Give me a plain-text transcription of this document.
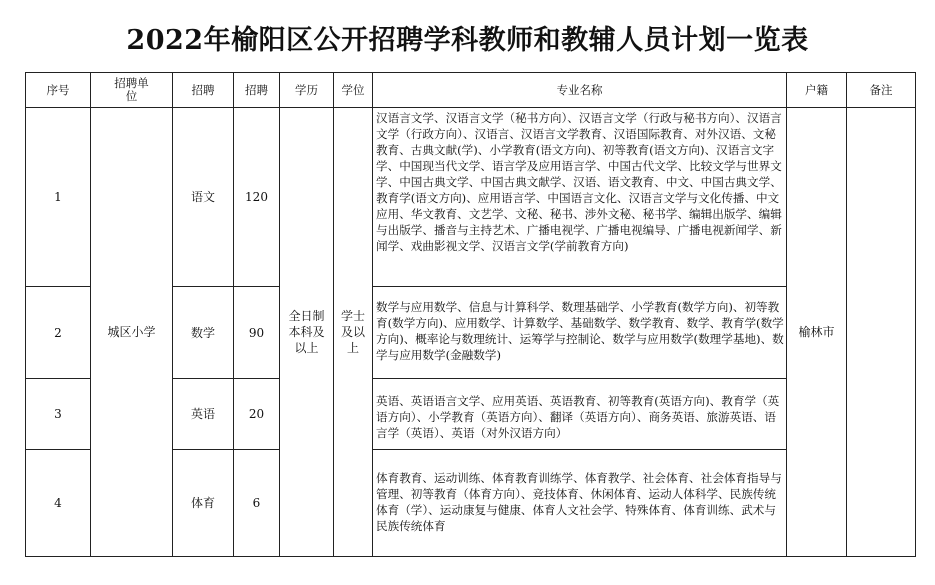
2022年榆阳区公开招聘学科教师和教辅人员计划一览表
序号	招聘单位	招聘	招聘	学历	学位	专业名称	户籍	备注
1	城区小学	语文	120	全日制本科及以上	学士及以上	汉语言文学、汉语言文学（秘书方向）、汉语言文学（行政与秘书方向）、汉语言文学（行政方向）、汉语言、汉语言文学教育、汉语国际教育、对外汉语、文秘教育、古典文献(学)、小学教育(语文方向)、初等教育(语文方向)、汉语言文字学、中国现当代文学、语言学及应用语言学、中国古代文学、比较文学与世界文学、中国古典文学、中国古典文献学、汉语、语文教育、中文、中国古典文学、教育学(语文方向)、应用语言学、中国语言文化、汉语言文学与文化传播、中文应用、华文教育、文艺学、文秘、秘书、涉外文秘、秘书学、编辑出版学、编辑与出版学、播音与主持艺术、广播电视学、广播电视编导、广播电视新闻学、新闻学、戏曲影视文学、汉语言文学(学前教育方向)	榆林市	
2		数学	90			数学与应用数学、信息与计算科学、数理基础学、小学教育(数学方向)、初等教育(数学方向)、应用数学、计算数学、基础数学、数学教育、数学、教育学(数学方向)、概率论与数理统计、运筹学与控制论、数学与应用数学(数理学基地)、数学与应用数学(金融数学)		
3		英语	20			英语、英语语言文学、应用英语、英语教育、初等教育(英语方向)、教育学（英语方向）、小学教育（英语方向）、翻译（英语方向）、商务英语、旅游英语、语言学（英语）、英语（对外汉语方向）		
4		体育	6			体育教育、运动训练、体育教育训练学、体育教学、社会体育、社会体育指导与管理、初等教育（体育方向）、竞技体育、休闲体育、运动人体科学、民族传统体育（学）、运动康复与健康、体育人文社会学、特殊体育、体育训练、武术与民族传统体育		
